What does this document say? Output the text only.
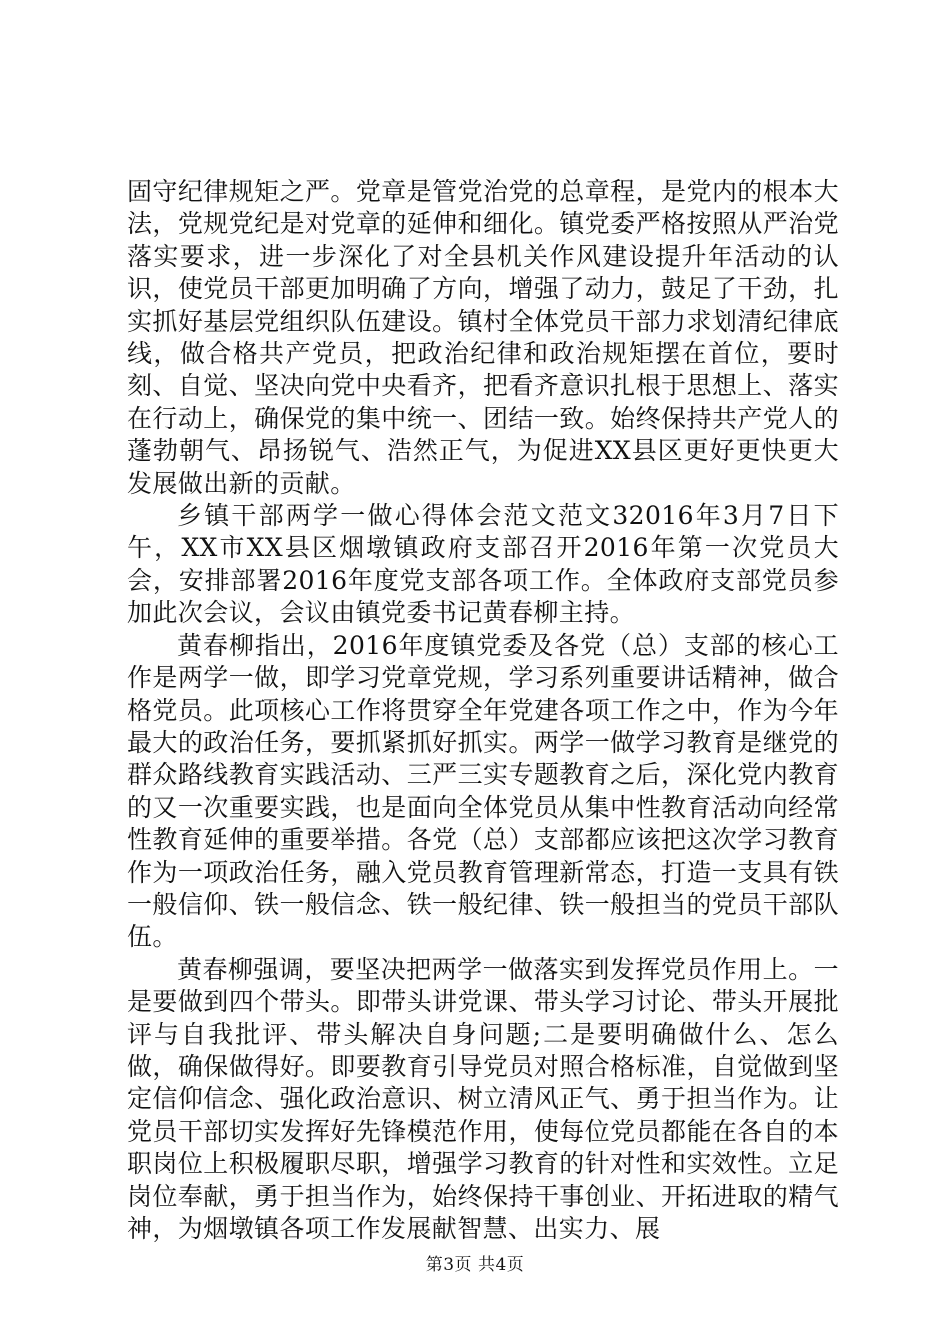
固守纪律规矩之严。党章是管党治党的总章程，是党内的根本大法，党规党纪是对党章的延伸和细化。镇党委严格按照从严治党落实要求，进一步深化了对全县机关作风建设提升年活动的认识，使党员干部更加明确了方向，增强了动力，鼓足了干劲，扎实抓好基层党组织队伍建设。镇村全体党员干部力求划清纪律底线，做合格共产党员，把政治纪律和政治规矩摆在首位，要时刻、自觉、坚决向党中央看齐，把看齐意识扎根于思想上、落实在行动上，确保党的集中统一、团结一致。始终保持共产党人的蓬勃朝气、昂扬锐气、浩然正气，为促进XX县区更好更快更大发展做出新的贡献。

乡镇干部两学一做心得体会范文范文32016年3月7日下午，XX市XX县区烟墩镇政府支部召开2016年第一次党员大会，安排部署2016年度党支部各项工作。全体政府支部党员参加此次会议，会议由镇党委书记黄春柳主持。

黄春柳指出，2016年度镇党委及各党（总）支部的核心工作是两学一做，即学习党章党规，学习系列重要讲话精神，做合格党员。此项核心工作将贯穿全年党建各项工作之中，作为今年最大的政治任务，要抓紧抓好抓实。两学一做学习教育是继党的群众路线教育实践活动、三严三实专题教育之后，深化党内教育的又一次重要实践，也是面向全体党员从集中性教育活动向经常性教育延伸的重要举措。各党（总）支部都应该把这次学习教育作为一项政治任务，融入党员教育管理新常态，打造一支具有铁一般信仰、铁一般信念、铁一般纪律、铁一般担当的党员干部队伍。

黄春柳强调，要坚决把两学一做落实到发挥党员作用上。一是要做到四个带头。即带头讲党课、带头学习讨论、带头开展批评与自我批评、带头解决自身问题;二是要明确做什么、怎么做，确保做得好。即要教育引导党员对照合格标准，自觉做到坚定信仰信念、强化政治意识、树立清风正气、勇于担当作为。让党员干部切实发挥好先锋模范作用，使每位党员都能在各自的本职岗位上积极履职尽职，增强学习教育的针对性和实效性。立足岗位奉献，勇于担当作为，始终保持干事创业、开拓进取的精气神，为烟墩镇各项工作发展献智慧、出实力、展

第3页 共4页
